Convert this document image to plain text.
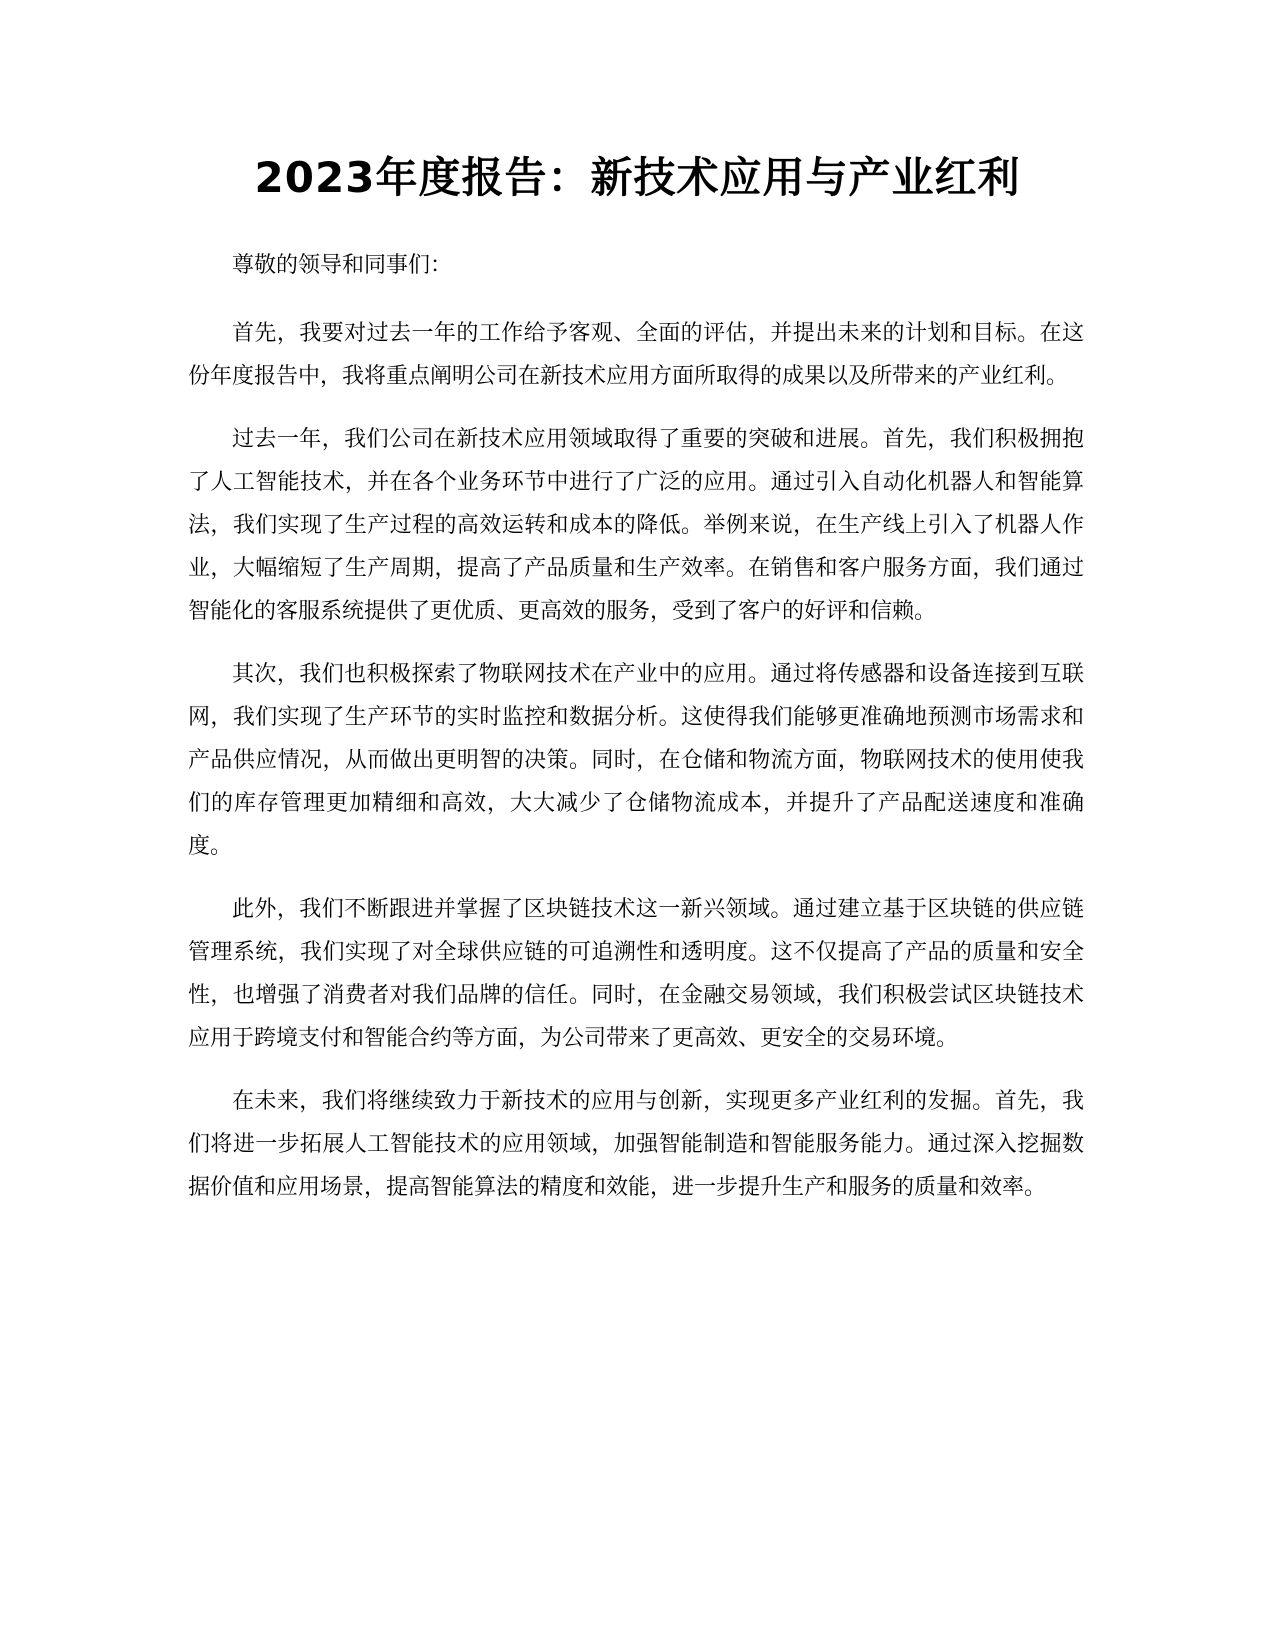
2023年度报告：新技术应用与产业红利

尊敬的领导和同事们：

首先，我要对过去一年的工作给予客观、全面的评估，并提出未来的计划和目标。在这份年度报告中，我将重点阐明公司在新技术应用方面所取得的成果以及所带来的产业红利。

过去一年，我们公司在新技术应用领域取得了重要的突破和进展。首先，我们积极拥抱了人工智能技术，并在各个业务环节中进行了广泛的应用。通过引入自动化机器人和智能算法，我们实现了生产过程的高效运转和成本的降低。举例来说，在生产线上引入了机器人作业，大幅缩短了生产周期，提高了产品质量和生产效率。在销售和客户服务方面，我们通过智能化的客服系统提供了更优质、更高效的服务，受到了客户的好评和信赖。

其次，我们也积极探索了物联网技术在产业中的应用。通过将传感器和设备连接到互联网，我们实现了生产环节的实时监控和数据分析。这使得我们能够更准确地预测市场需求和产品供应情况，从而做出更明智的决策。同时，在仓储和物流方面，物联网技术的使用使我们的库存管理更加精细和高效，大大减少了仓储物流成本，并提升了产品配送速度和准确度。

此外，我们不断跟进并掌握了区块链技术这一新兴领域。通过建立基于区块链的供应链管理系统，我们实现了对全球供应链的可追溯性和透明度。这不仅提高了产品的质量和安全性，也增强了消费者对我们品牌的信任。同时，在金融交易领域，我们积极尝试区块链技术应用于跨境支付和智能合约等方面，为公司带来了更高效、更安全的交易环境。

在未来，我们将继续致力于新技术的应用与创新，实现更多产业红利的发掘。首先，我们将进一步拓展人工智能技术的应用领域，加强智能制造和智能服务能力。通过深入挖掘数据价值和应用场景，提高智能算法的精度和效能，进一步提升生产和服务的质量和效率。
